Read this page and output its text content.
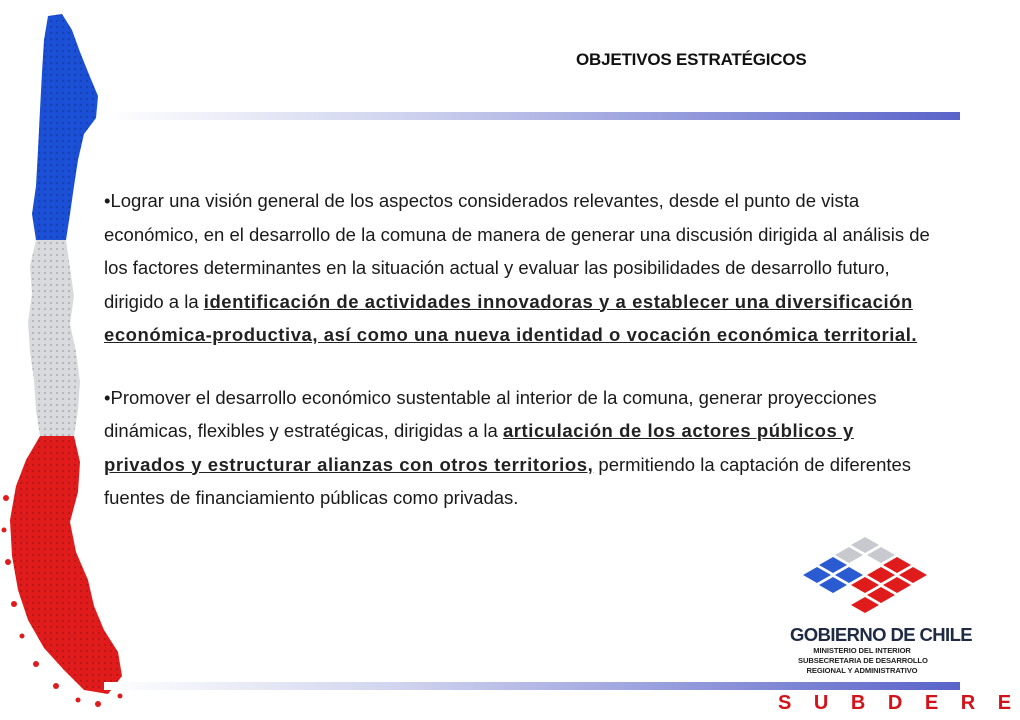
OBJETIVOS ESTRATÉGICOS

•Lograr una visión general de los aspectos considerados relevantes, desde el punto de vista económico, en el desarrollo de la comuna de manera de generar una discusión dirigida al análisis de los factores determinantes en la situación actual y evaluar las posibilidades de desarrollo futuro, dirigido a la identificación de actividades innovadoras y a establecer una diversificación económica-productiva, así como una nueva identidad o vocación económica territorial.

•Promover el desarrollo económico sustentable al interior de la comuna, generar proyecciones dinámicas, flexibles y estratégicas, dirigidas a la articulación de los actores públicos y privados y estructurar alianzas con otros territorios, permitiendo la captación de diferentes fuentes de financiamiento públicas como privadas.

GOBIERNO DE CHILE
MINISTERIO DEL INTERIOR
SUBSECRETARIA DE DESARROLLO
REGIONAL Y ADMINISTRATIVO
S U B D E R E
